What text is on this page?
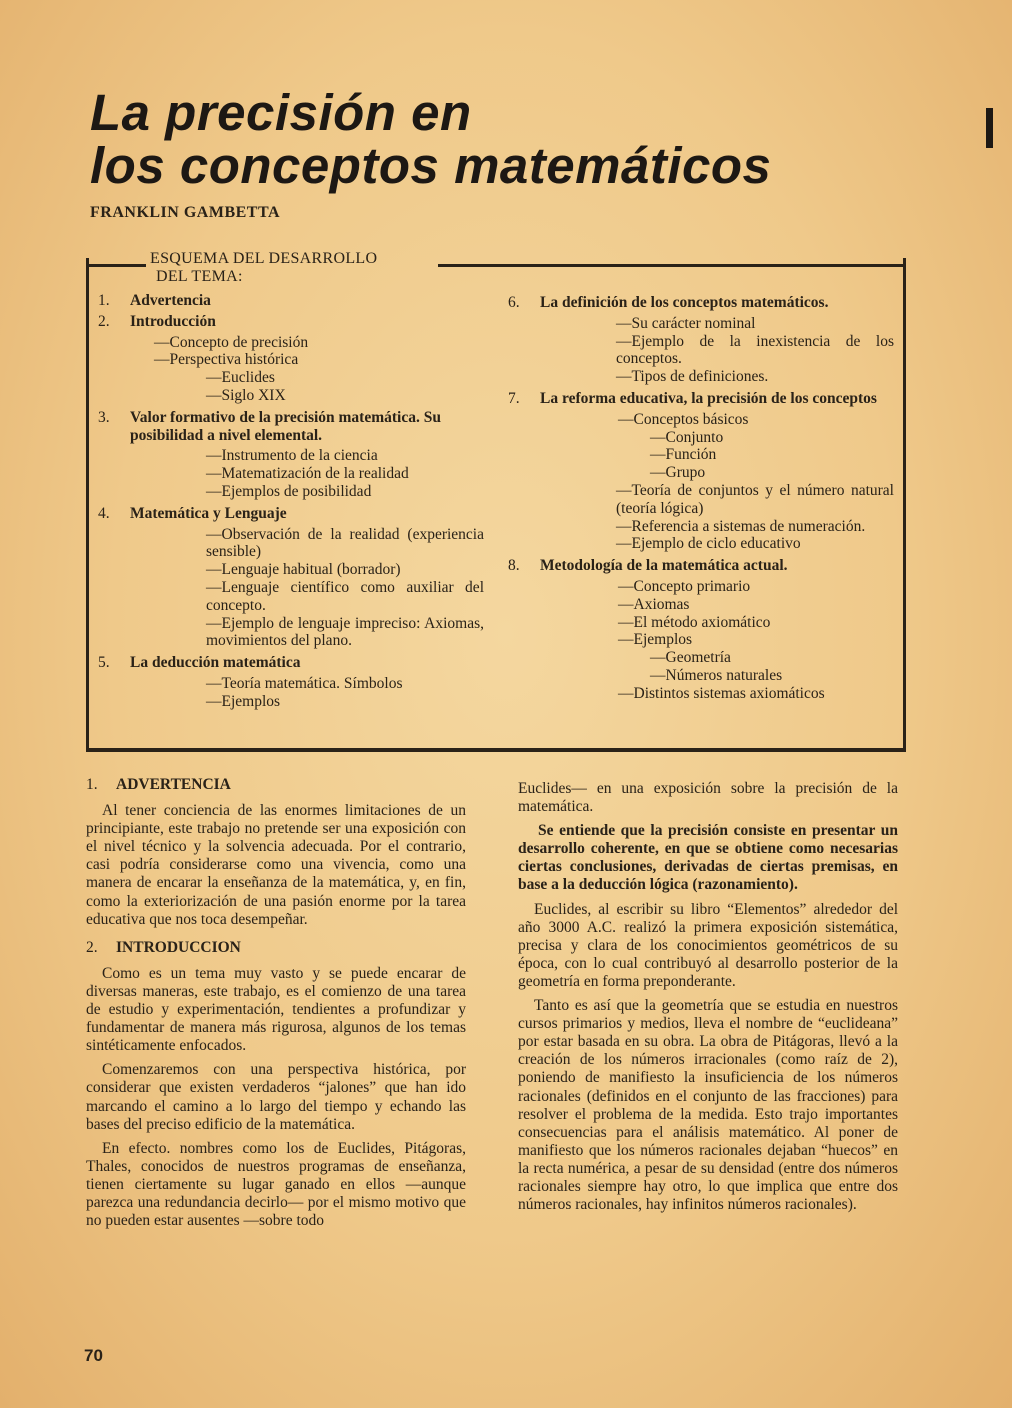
La precisión en
los conceptos matemáticos
FRANKLIN GAMBETTA
ESQUEMA DEL DESARROLLO
DEL TEMA:
1.	Advertencia
2.	Introducción
—Concepto de precisión
—Perspectiva histórica
—Euclides
—Siglo XIX
3.	Valor formativo de la precisión matemática. Su posibilidad a nivel elemental.
—Instrumento de la ciencia
—Matematización de la realidad
—Ejemplos de posibilidad
4.	Matemática y Lenguaje
—Observación de la realidad (experiencia sensible)
—Lenguaje habitual (borrador)
—Lenguaje científico como auxiliar del concepto.
—Ejemplo de lenguaje impreciso: Axiomas, movimientos del plano.
5.	La deducción matemática
—Teoría matemática. Símbolos
—Ejemplos
6.	La definición de los conceptos matemáticos.
—Su carácter nominal
—Ejemplo de la inexistencia de los conceptos.
—Tipos de definiciones.
7.	La reforma educativa, la precisión de los conceptos
—Conceptos básicos
—Conjunto
—Función
—Grupo
—Teoría de conjuntos y el número natural (teoría lógica)
—Referencia a sistemas de numeración.
—Ejemplo de ciclo educativo
8.	Metodología de la matemática actual.
—Concepto primario
—Axiomas
—El método axiomático
—Ejemplos
—Geometría
—Números naturales
—Distintos sistemas axiomáticos
1.	ADVERTENCIA

Al tener conciencia de las enormes limitaciones de un principiante, este trabajo no pretende ser una exposición con el nivel técnico y la solvencia adecuada. Por el contrario, casi podría considerarse como una vivencia, como una manera de encarar la enseñanza de la matemática, y, en fin, como la exteriorización de una pasión enorme por la tarea educativa que nos toca desempeñar.

2.	INTRODUCCION

Como es un tema muy vasto y se puede encarar de diversas maneras, este trabajo, es el comienzo de una tarea de estudio y experimentación, tendientes a profundizar y fundamentar de manera más rigurosa, algunos de los temas sintéticamente enfocados.

Comenzaremos con una perspectiva histórica, por considerar que existen verdaderos “jalones” que han ido marcando el camino a lo largo del tiempo y echando las bases del preciso edificio de la matemática.

En efecto. nombres como los de Euclides, Pitágoras, Thales, conocidos de nuestros programas de enseñanza, tienen ciertamente su lugar ganado en ellos —aunque parezca una redundancia decirlo— por el mismo motivo que no pueden estar ausentes —sobre todo

Euclides— en una exposición sobre la precisión de la matemática.

Se entiende que la precisión consiste en presentar un desarrollo coherente, en que se obtiene como necesarias ciertas conclusiones, derivadas de ciertas premisas, en base a la deducción lógica (razonamiento).

Euclides, al escribir su libro “Elementos” alrededor del año 3000 A.C. realizó la primera exposición sistemática, precisa y clara de los conocimientos geométricos de su época, con lo cual contribuyó al desarrollo posterior de la geometría en forma preponderante.

Tanto es así que la geometría que se estudia en nuestros cursos primarios y medios, lleva el nombre de “euclideana” por estar basada en su obra. La obra de Pitágoras, llevó a la creación de los números irracionales (como raíz de 2), poniendo de manifiesto la insuficiencia de los números racionales (definidos en el conjunto de las fracciones) para resolver el problema de la medida. Esto trajo importantes consecuencias para el análisis matemático. Al poner de manifiesto que los números racionales dejaban “huecos” en la recta numérica, a pesar de su densidad (entre dos números racionales siempre hay otro, lo que implica que entre dos números racionales, hay infinitos números racionales).

70
